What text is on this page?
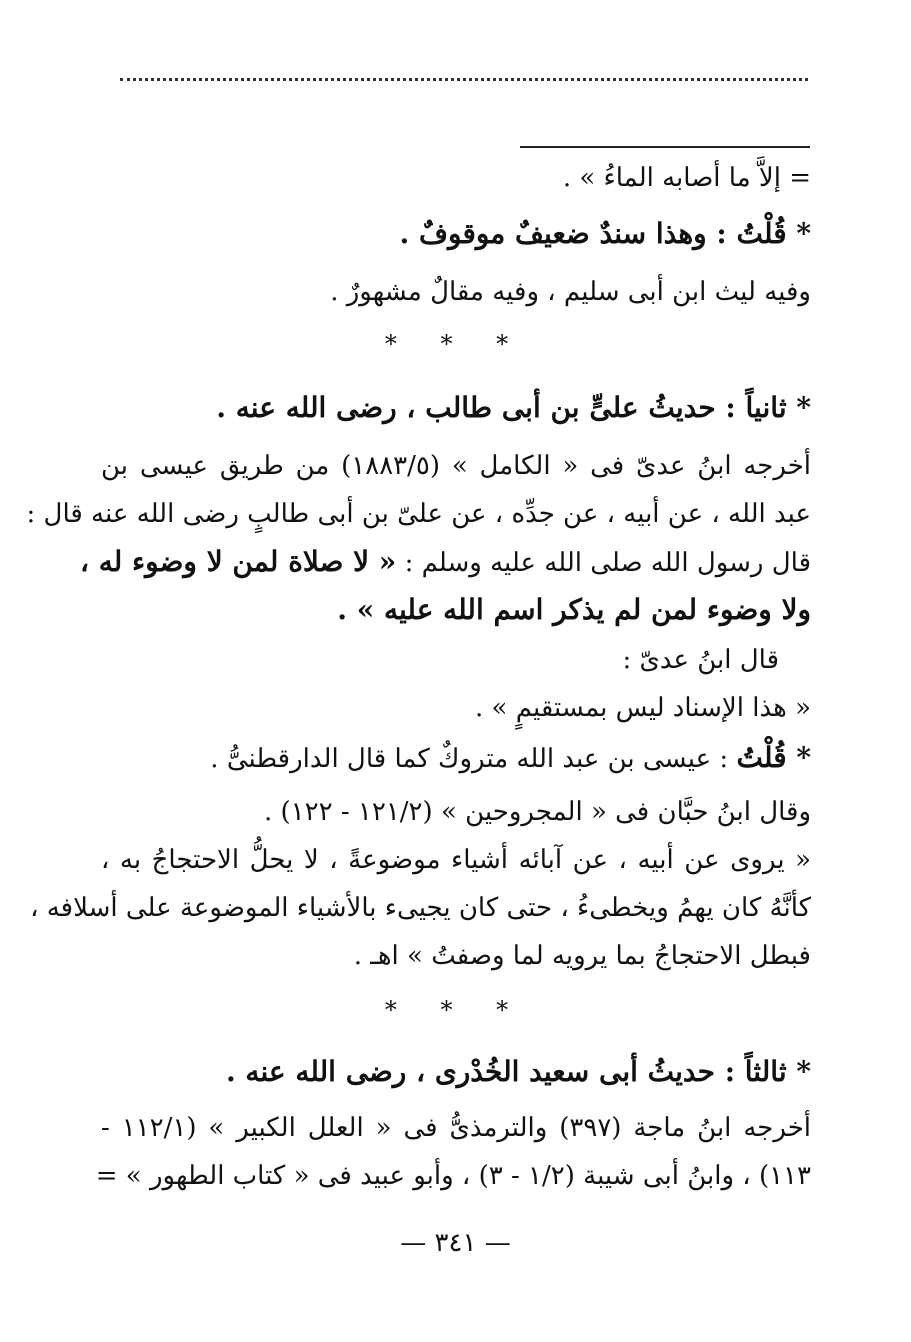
= إلاَّ ما أصابه الماءُ » .
* قُلْتُ : وهذا سندٌ ضعيفٌ موقوفٌ .
وفيه ليث ابن أبى سليم ، وفيه مقالٌ مشهورٌ .
* * *
* ثانياً : حديثُ علىٍّ بن أبى طالب ، رضى الله عنه .
أخرجه ابنُ عدىّ فى « الكامل » (١٨٨٣/٥) من طريق عيسى بن
عبد الله ، عن أبيه ، عن جدِّه ، عن علىّ بن أبى طالبٍ رضى الله عنه قال :
قال رسول الله صلى الله عليه وسلم : « لا صلاة لمن لا وضوء له ،
ولا وضوء لمن لم يذكر اسم الله عليه » .
قال ابنُ عدىّ :
« هذا الإسناد ليس بمستقيمٍ » .
* قُلْتُ : عيسى بن عبد الله متروكٌ كما قال الدارقطنىُّ .
وقال ابنُ حبَّان فى « المجروحين » (١٢١/٢ - ١٢٢) .
« يروى عن أبيه ، عن آبائه أشياء موضوعةً ، لا يحلُّ الاحتجاجُ به ،
كأنَّهُ كان يهمُ ويخطىءُ ، حتى كان يجيىء بالأشياء الموضوعة على أسلافه ،
فبطل الاحتجاجُ بما يرويه لما وصفتُ » اهـ .
* * *
* ثالثاً : حديثُ أبى سعيد الخُدْرى ، رضى الله عنه .
أخرجه ابنُ ماجة (٣٩٧) والترمذىُّ فى « العلل الكبير » (١١٢/١ -
١١٣) ، وابنُ أبى شيبة (١/٢ - ٣) ، وأبو عبيد فى « كتاب الطهور » =
— ٣٤١ —
